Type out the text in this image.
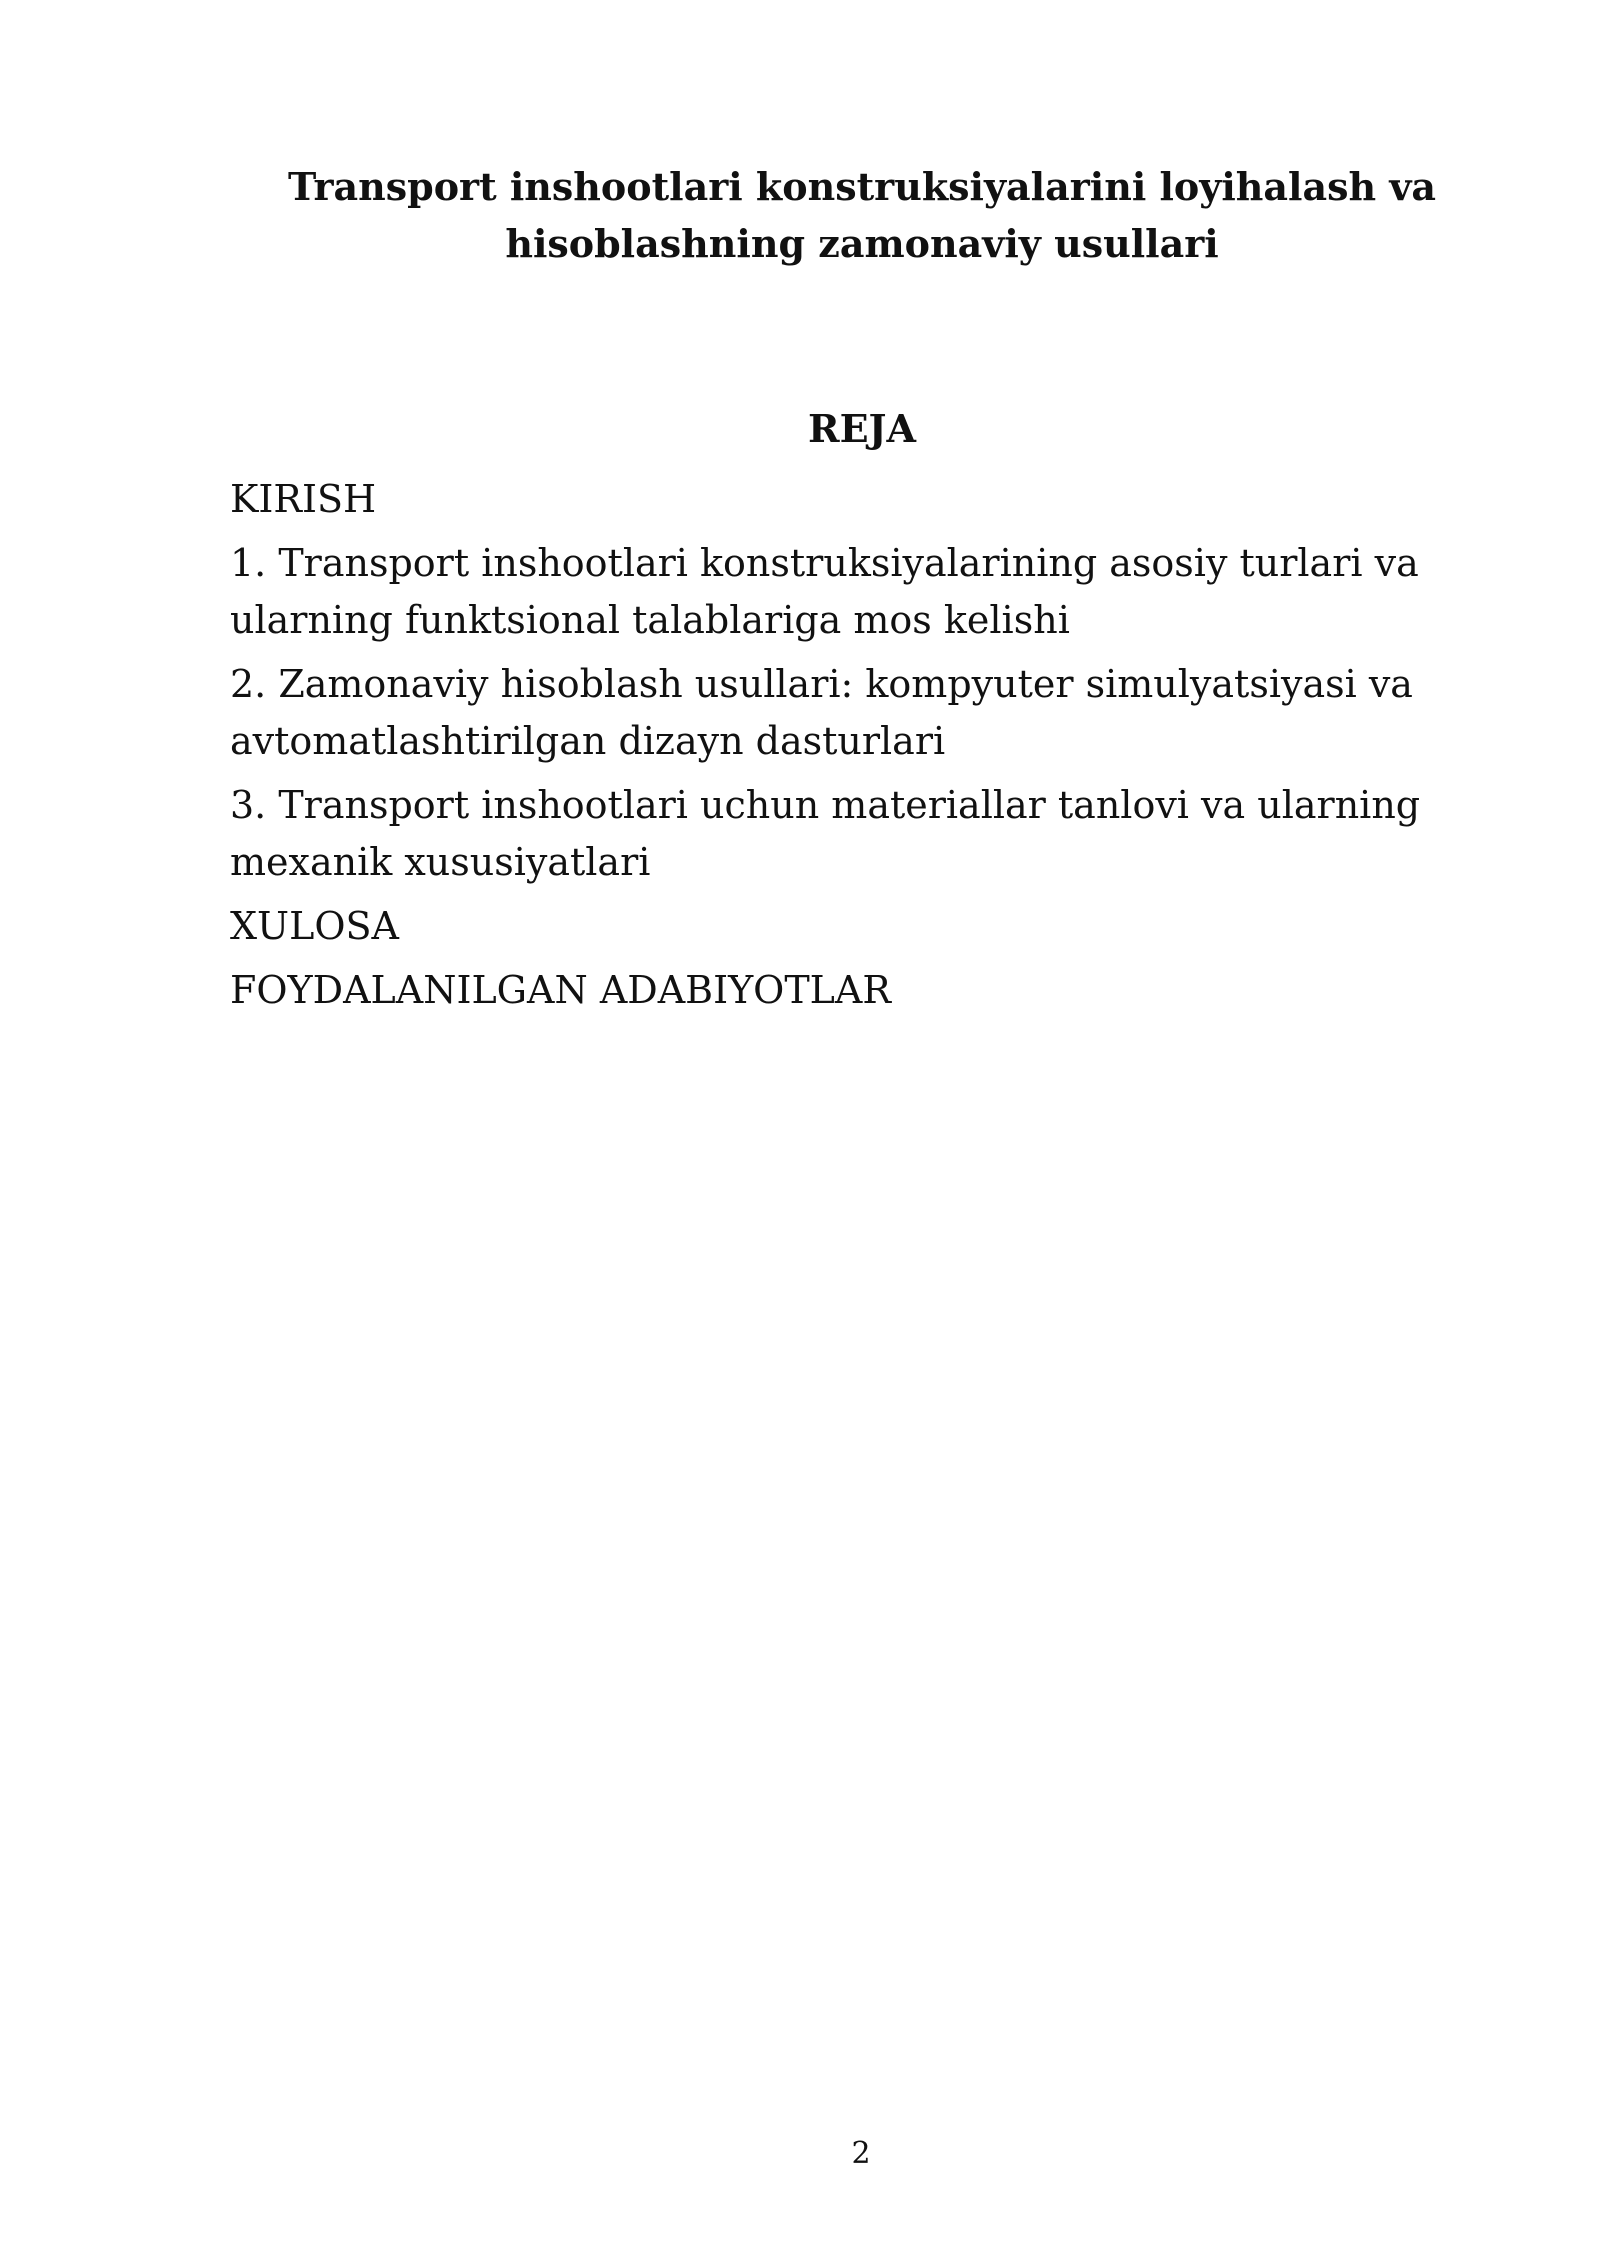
Transport inshootlari konstruksiyalarini loyihalash va
hisoblashning zamonaviy usullari
REJA
KIRISH
1. Transport inshootlari konstruksiyalarining asosiy turlari va ularning funktsional talablariga mos kelishi
2. Zamonaviy hisoblash usullari: kompyuter simulyatsiyasi va avtomatlashtirilgan dizayn dasturlari
3. Transport inshootlari uchun materiallar tanlovi va ularning mexanik xususiyatlari
XULOSA
FOYDALANILGAN ADABIYOTLAR
2
